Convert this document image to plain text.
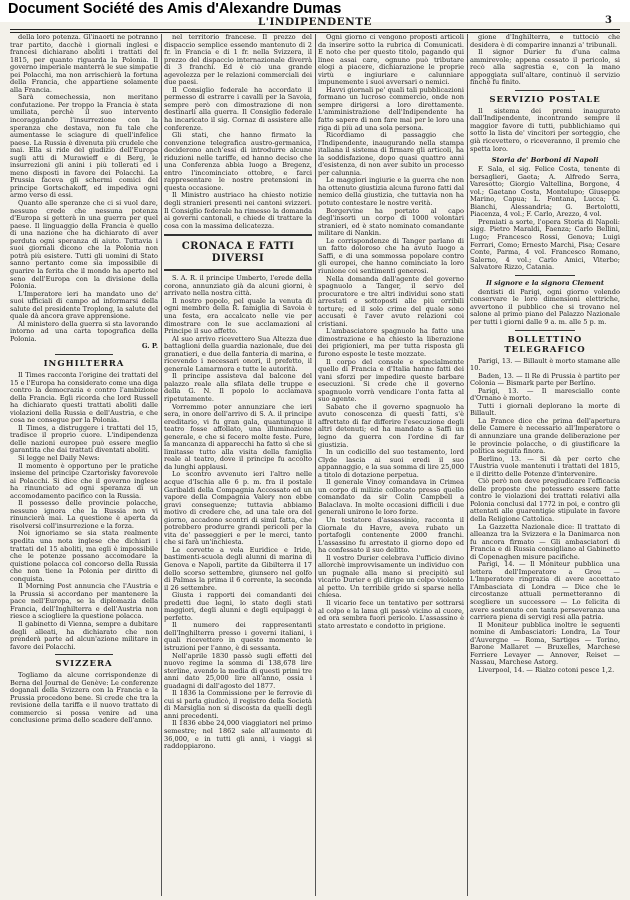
Document Société des Amis d'Alexandre Dumas
L'INDIPENDENTE	3

della loro potenza. Gl'inaorti ne potranno trar partito, dacchè i giornali inglesi e francesi dichiarano aboliti i trattati del 1815, per quanto riguarda la Polonia. Il governo imperiale manterrà le sue simpatie pei Polacchi, ma non arrischierà la fortuna della Francia, che appartiene solamente alla Francia.

Sarà comechessia, non meritano confutazione. Per troppo la Francia è stata umiliata, perchè il suo intervento incoraggiando l'insurrezione con la speranza che destava, non fu tale che aumentasse le sciagure di quell'infelice paese. La Russia è divenuta più crudele che mai. Ella si ride del giudizio dell'Europa sugli atti di Murawieff e di Berg, le insurrezioni gli anini i più tollerati ed i meno disposti in favore dei Polacchi. La Prussia faceva gli schermi comici del principe Gortschakoff, ed impediva ogni armo verso di essi.

Quanto alle speranze che ci si vuol dare, nessuno crede che nessuna potenza d'Europa si getterà in una guerra per quel paese. Il linguaggio della Francia è quello di una nazione che ha dichiarato di aver perduta ogni speranza di aiuto. Tuttavia i suoi giornali dicono che la Polonia non potrà più esistere. Tutti gli uomini di Stato sanno pertanto come sia impossibile di guarire la ferita che il mondo ha aperto nel seno dell'Europa con la divisione della Polonia.

L'Imperatore ieri ha mandato uno de' suoi ufficiali di campo ad informarsi della salute del presidente Troplong, la salute del quale dà ancora grave apprensione.

Al ministero della guerra si sta lavorando intorno ad una carta topografica della Polonia.

G. P.

INGHILTERRA

Il Times racconta l'origine dei trattati del 15 e l'Europa ha considerato come una diga contro la democrazia e contro l'ambizione della Francia. Egli ricorda che lord Russell ha dichiarato questi trattati aboliti dalle violazioni della Russia e dell'Austria, e che cosa ne consegue per la Polonia.

Il Times, a distruggere i trattati del 15, tradisce il proprio cuore. L'indipendenza delle nazioni europee può essere meglio garantita che dai trattati diventati aboliti.

Si legge nel Daily News:

Il momento è opportuno per le pratiche insieme del principe Czartorisky favorevole ai Polacchi. Si dice che il governo inglese ha rinunciato ad ogni speranza di un accomodamento pacifico con la Russia.

Il possesso delle provincie polacche, nessuno ignora che la Russia non vi rinuncierà mai. La questione è aperta da risolversi coll'insurrezione e la forza.

Noi ignoriamo se sia stata realmente spedita una nota inglese che dichiari i trattati del 15 aboliti, ma egli è impossibile che le potenze possano accomodare la quistione polacca col concorso della Russia che non tiene la Polonia per diritto di conquista.

Il Morning Post annuncia che l'Austria e la Prussia si accordano per mantenere la pace nell'Europa, se la diplomazia della Francia, dell'Inghilterra e dell'Austria non riesce a sciogliere la questione polacca.

Il gabinetto di Vienna, sempre a dubitare degli alleati, ha dichiarato che non prenderà parte ad alcun'azione militare in favore dei Polacchi.

SVIZZERA

Togliamo da alcune corrispondenze di Berna del Journal de Genève: Le conferenze doganali della Svizzera con la Francia e la Prussia procedono bene. Si crede che tra la revisione della tariffa e il nuovo trattato di commercio si possa venire ad una conclusione prima dello scadere dell'anno.

nel territorio francese. Il prezzo del dispaccio semplice essendo mantenuto di 2 fr. in Francia e di 1 fr. nella Svizzera, il prezzo del dispaccio internazionale diverrà di 3 franchi. Ed è ciò una grande agevolezza per le relazioni commerciali dei due paesi.

Il Consiglio federale ha accordato il permesso di estrarre i cavalli per la Savoia, sempre però con dimostrazione di non destinarli alla guerra. Il Consiglio federale ha incaricato il sig. Cornaz di assistere alle conferenze.

Gli stati, che hanno firmato la convenzione telegrafica austro-germanica, deciderono anch'essi di introdurre alcune riduzioni nelle tariffe, ed hanno deciso che una Conferenza abbia luogo a Bregenz, entro l'incominciato ottobre, e farci rappresentare le nostre pretensioni in questa occasione.

Il Ministro austriaco ha chiesto notizie degli stranieri presenti nei cantoni svizzeri. Il Consiglio federale ha rimesso la domanda ai governi cantonali, e chiede di trattare la cosa con la massima delicatezza.

CRONACA E FATTI DIVERSI

S. A. R. il principe Umberto, l'erede della corona, annunziato già da alcuni giorni, è arrivato nella nostra città.

Il nostro popolo, pel quale la venuta di ogni membro della R. famiglia di Savoia è una festa, era accalcato nelle vie per dimostrare con le sue acclamazioni al Principe il suo affetto.

Al suo arrivo ricevettero Sua Altezza due battaglioni della guardia nazionale, due dei granatieri, e due della fanteria di marina, e ricevendo i necessari onori, il prefetto, il generale Lamarmora e tutte le autorità.

Il principe assisteva dal balcone del palazzo reale alla sfilata delle truppe e della G. N. Il popolo lo acclamava ripetutamente.

Vorremmo poter annunziare che ieri sera, in onore dell'arrivo di S. A. il principe ereditario, vi fu gran gala, quantunque il teatro fosse affollato, una illuminazione generale, e che si fecero molte feste. Pure, la mancanza di apparecchi ha fatto sì che si limitasse tutto alla visita della famiglia reale al teatro, dove il principe fu accolto da lunghi applausi.

Lo scontro avvenuto ieri l'altro nelle acque d'Ischia alle 6 p. m. fra il postale Garibaldi della Compagnia Accossato ed un vapore della Compagnia Valery non ebbe gravi conseguenze; tuttavia abbiamo motivo di credere che, ad una tale ora del giorno, accadono scontri di simil fatta, che potrebbero produrre grandi pericoli per la vita de' passeggieri e per le merci, tanto che si farà un'inchiesta.

Le corvette a vela Euridice e Iride, bastimenti-scuola degli alunni di marina di Genova e Napoli, partite da Gibilterra il 17 dello scorso settembre, giunsero nel golfo di Palmas la prima il 6 corrente, la seconda il 26 settembre.

Giusta i rapporti dei comandanti dei predetti due legni, lo stato degli stati maggiori, degli alunni e degli equipaggi è perfetto.

Il numero dei rappresentanti dell'Inghilterra presso i governi italiani, i quali ricevettero in questo momento le istruzioni per l'anno, è di sessanta.

Nell'aprile 1830 passò sugli effetti del nuovo regime la somma di 138,678 lire sterline, avendo la media di questi primi tre anni dato 25,000 lire all'anno, ossia i guadagni di dall'agosto del 1877.

Il 1836 la Commissione per le ferrovie di cui si parla giudicò, il registro della Società di Marsiglia non si discosta da quelli degli anni precedenti.

Il 1836 ebbe 24,000 viaggiatori nel primo semestre; nel 1862 sale all'aumento di 36,000, e in tutti gli anni, i viaggi si raddoppiarono.

Ogni giorno ci vengono proposti articoli da inserire sotto la rubrica di Comunicati. E noto che per questo titolo, pagando qui linee assai care, ognuno può tributare elogi a piacere, dichiarazione le proprie virtù e ingiuriare e calunniare impunemente i suoi avversari o nemici.

Havvi giornali pe' quali tali pubblicazioni formano un lucroso commercio, onde non sempre dirigersi a loro direttamente. L'amministrazione dell'Indipendente ha fatto sapere di non fare mai per le loro una riga di più ad una sola persona.

Ricordiamo di passaggio che l'Indipendente, inaugurando nella stampa italiana il sistema di firmare gli articoli, ha la soddisfazione, dopo quasi quattro anni d'esistenza, di non aver subito un processo per calunnia.

Le maggiori ingiurie e la guerra che non ha ottenuto giustizia alcuna furono fatti dal nemico della giustizia, che tuttavia non ha potuto contestare le nostre verità.

Borgervine ha portato al capo degl'insorti un corpo di 1000 volontari stranieri, ed è stato nominato comandante militare di Nankin.

Le corrispondenze di Tanger parlano di un fatto doloroso che ha avuto luogo a Saffi, e di una sommossa popolare contro gli europei, che hanno cominciato la loro riunione coi sentimenti generosi.

Nella domanda dall'agente del governo spagnuolo a Tanger, il servo del procuratore e tre altri individui sono stati arrestati e sottoposti alle più orribili torture; ed il solo crime del quale sono accusati è l'aver avuto relazioni coi cristiani.

L'ambasciatore spagnuolo ha fatto una dimostrazione e ha chiesto la liberazione dei prigionieri, ma per tutta risposta gli furono esposte le teste mozzate.

Il corpo del console e specialmente quello di Francia e d'Italia hanno fatti dei vani sforzi per impedire queste barbare esecuzioni. Si crede che il governo spagnuolo vorrà vendicare l'onta fatta al suo agente.

Sabato che il governo spagnuolo ha avuto conoscenza di questi fatti, s'è affrettato di far differire l'esecuzione degli altri detenuti; ed ha mandato a Saffi un legno da guerra con l'ordine di far giustizia.

In un codicillo del suo testamento, lord Clyde lascia ai suoi eredi il suo appannaggio, e la sua somma di lire 25,000 a titolo di dotazione perpetua.

Il generale Vinoy comandava in Crimea un corpo di milizie collocato presso quello comandato da sir Colin Campbell a Balaclava. In molte occasioni difficili i due generali unirono le loro forze.

Un testatore d'assassinio, racconta il Giornale du Havre, aveva rubato un portafogli contenente 2000 franchi. L'assassino fu arrestato il giorno dopo ed ha confessato il suo delitto.

Il vostro Durier celebrava l'ufficio divino allorchè improvvisamente un individuo con un pugnale alla mano si precipitò sul vicario Durier e gli dirige un colpo violento al petto. Un terribile grido si sparse nella chiesa.

Il vicario fece un tentativo per sottrarsi al colpo e la lama gli passò vicino al cuore, ed ora sembra fuori pericolo. L'assassino è stato arrestato e condotto in prigione.

gione d'Inghilterra, e tuttociò che desidera è di comparire innanzi a' tribunali.

Il signor Durier fu d'una calma ammirevole; appena cessato il pericolo, si recò alla sagrestia e, con la mano appoggiata sull'altare, continuò il servizio finchè fu finito.

SERVIZIO POSTALE

Il sistema dei premi inaugurato dall'Indipendente, incontrando sempre il maggior favore di tutti, pubblichiamo qui sotto la lista de' vincitori per sorteggio, che già ricevettero, o riceveranno, il premio che spetta loro.

Storia de' Borboni di Napoli

F. Sala, el sig. Felice Costa, tenente di bersaglieri, Gaeta; A. Alfredo Serra, Varesotto; Giorgio Valtellina, Borgone, 4 vol.; Gaetano Costa, Montelupo; Giuseppe Marino, Capua; L. Fontana, Lucca; G. Bianchi, Alessandria; G. Bertolotti, Piacenza, 4 vol.; F. Carlo, Arezzo, 4 vol.

Premiati a sorte, l'opera Storia di Napoli: sigg. Pietro Maraldi, Faenza; Carlo Bellini, Lugo; Francesco Rossi, Genova; Luigi Ferrari, Como; Ernesto Marchi, Pisa; Cesare Conte, Parma, 4 vol. Francesco Romano, Salerno, 4 vol.; Carlo Amici, Viterbo; Salvatore Rizzo, Catania.

Il signore e la signora Clement

dentisti di Parigi, ogni giorno volendo conservare le loro dimensioni elettriche, avvertono il pubblico che si trovano nel salone al primo piano del Palazzo Nazionale per tutti i giorni dalle 9 a. m. alle 5 p. m.

BOLLETTINO TELEGRAFICO

Parigi, 13. — Billault è morto stamane alle 10.

Baden, 13. — Il Re di Prussia è partito per Colonia — Bismark parte per Berlino.

Parigi, 13. — Il maresciallo conte d'Ornano è morto.

Tutti i giornali deplorano la morte di Billault.

La France dice che prima dell'apertura delle Camere è necessario all'Imperatore o di annunziare una grande deliberazione per le provincie polacche, o di giustificare la politica seguita finora.

Berlino, 13. — Si dà per certo che l'Austria vuole mantenuti i trattati del 1815, e il diritto delle Potenze d'intervenire.

Ciò però non deve pregiudicare l'efficacia delle proposte che potessero essere fatte contro le violazioni dei trattati relativi alla Polonia conclusi dal 1772 in poi, e contro gli attentati alle guarentigie stipulate in favore della Religione Cattolica.

La Gazzetta Nazionale dice: Il trattato di alleanza tra la Svizzera e la Danimarca non fu ancora firmato — Gli ambasciatori di Francia e di Russia consigliano al Gabinetto di Copenaghen misure pacifiche.

Parigi, 14. — Il Moniteur pubblica una lettera dell'Imperatore a Grou — L'Imperatore ringrazia di avere accettato l'Ambasciata di Londra — Dice che le circostanze attuali permetteranno di scegliere un successore — Lo felicita di avere sostenuto con tanta perseveranza una carriera piena di servigi resi alla patria.

Il Moniteur pubblica inoltre le seguenti nomine di Ambasciatori: Londra, La Tour d'Auvergne — Roma, Sartiges — Torino, Barone Mallaret — Bruxelles, Marchese Ferriere Levayer — Annover, Reiset — Nassau, Marchese Astorg.

Liverpool, 14. — Rialzo cotoni pesce 1,2.
